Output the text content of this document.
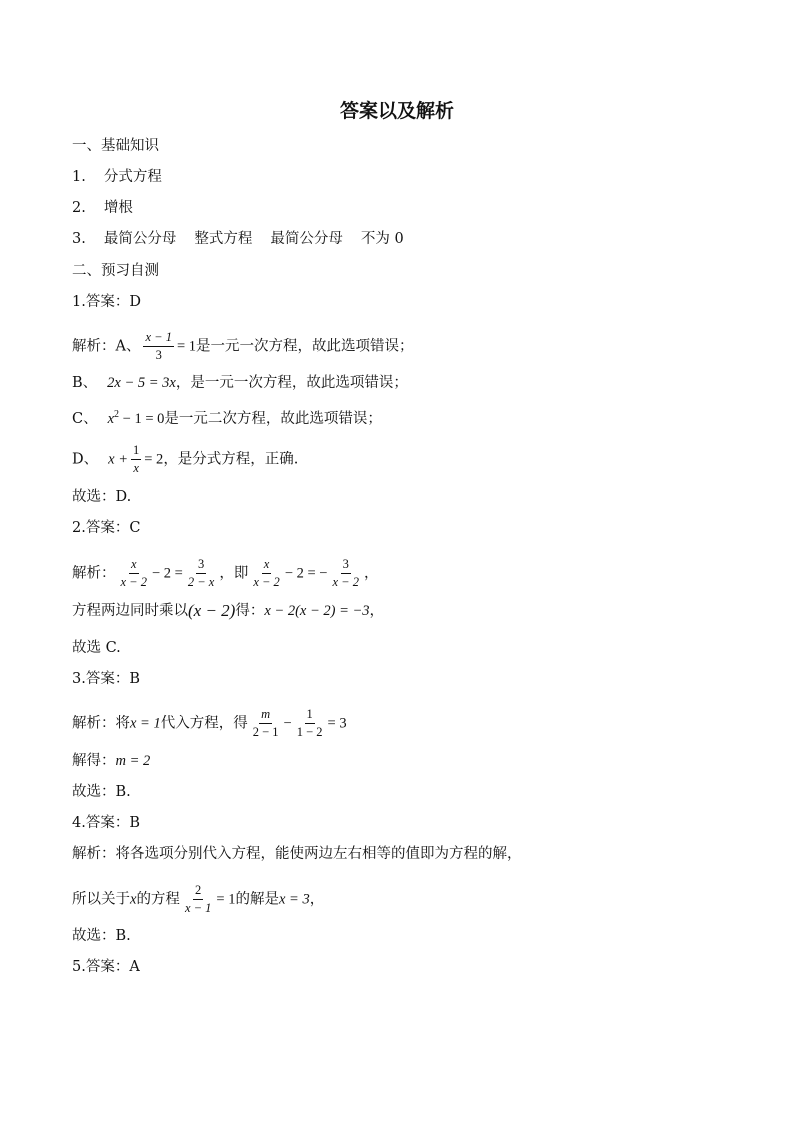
答案以及解析
一、基础知识
1. 分式方程
2. 增根
3. 最简公分母 整式方程 最简公分母 不为 0
二、预习自测
1.答案：D
解析：A、 $\frac{x - 1}{3} = 1$是一元一次方程，故此选项错误；
B、 2x − 5 = 3x，是一元一次方程，故此选项错误；
C、 $x^2 - 1 = 0$是一元二次方程，故此选项错误；
D、 $x + \frac{1}{x} = 2$，是分式方程，正确.
故选：D.
2.答案：C
解析： $\frac{x}{x - 2} - 2 = \frac{3}{2 - x}$ ，即 $\frac{x}{x - 2} - 2$ = − $\frac{3}{x - 2}$ ，
方程两边同时乘以(x − 2)得：x − 2(x − 2) = −3，
故选 C.
3.答案：B
解析：将x = 1代入方程，得 $\frac{m}{2 - 1} - \frac{1}{1 - 2} = 3$
解得：m = 2
故选：B.
4.答案：B
解析：将各选项分别代入方程，能使两边左右相等的值即为方程的解，
所以关于x的方程 $\frac{2}{x - 1} = 1$的解是x = 3，
故选：B.
5.答案：A
